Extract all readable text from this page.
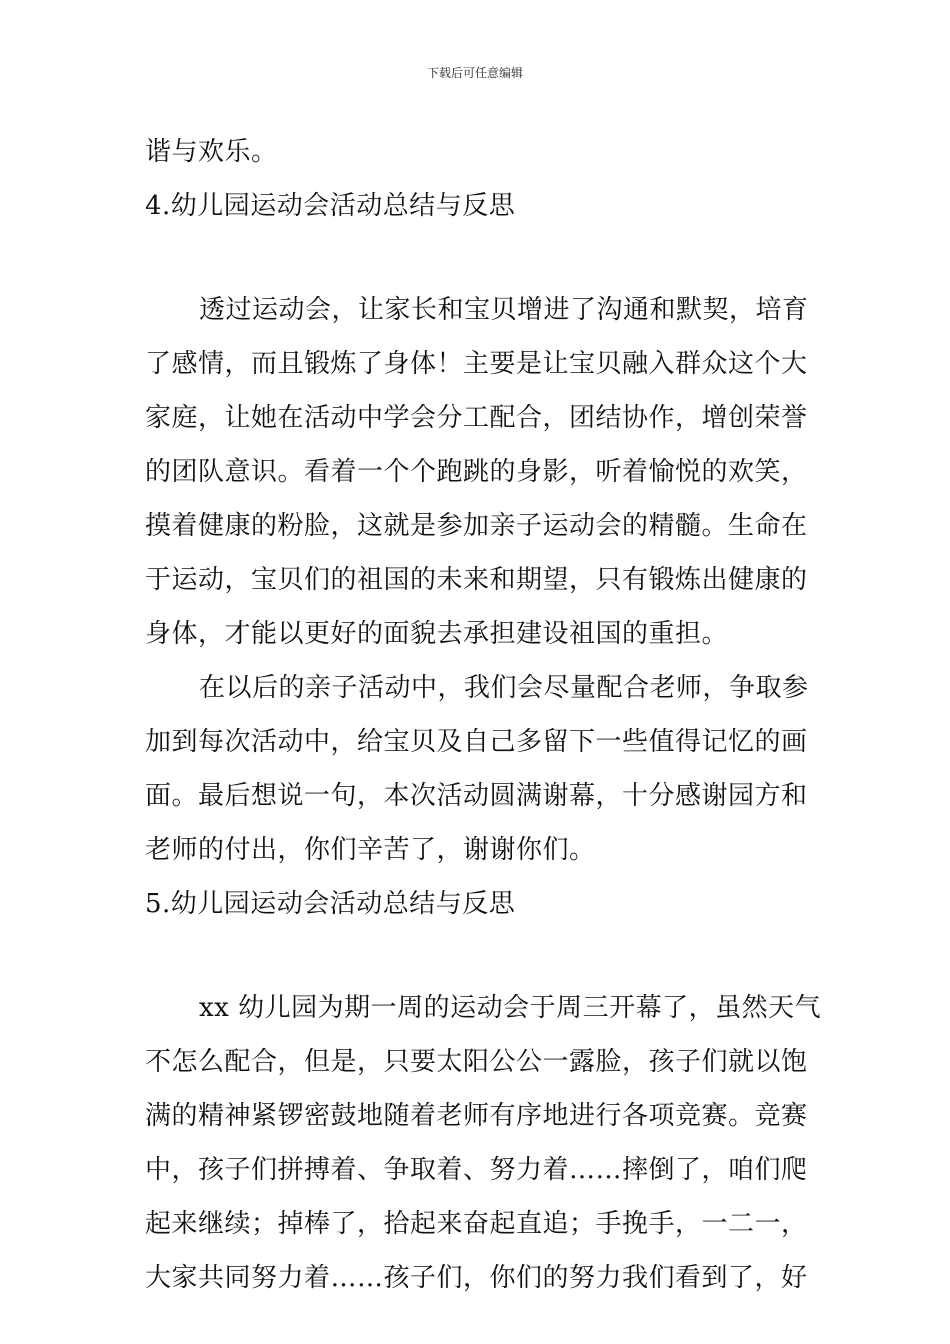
下载后可任意编辑
谐与欢乐。
4.幼儿园运动会活动总结与反思
透过运动会，让家长和宝贝增进了沟通和默契，培育
了感情，而且锻炼了身体！主要是让宝贝融入群众这个大
家庭，让她在活动中学会分工配合，团结协作，增创荣誉
的团队意识。看着一个个跑跳的身影，听着愉悦的欢笑，
摸着健康的粉脸，这就是参加亲子运动会的精髓。生命在
于运动，宝贝们的祖国的未来和期望，只有锻炼出健康的
身体，才能以更好的面貌去承担建设祖国的重担。
在以后的亲子活动中，我们会尽量配合老师，争取参
加到每次活动中，给宝贝及自己多留下一些值得记忆的画
面。最后想说一句，本次活动圆满谢幕，十分感谢园方和
老师的付出，你们辛苦了，谢谢你们。
5.幼儿园运动会活动总结与反思
xx 幼儿园为期一周的运动会于周三开幕了，虽然天气
不怎么配合，但是，只要太阳公公一露脸，孩子们就以饱
满的精神紧锣密鼓地随着老师有序地进行各项竞赛。竞赛
中，孩子们拼搏着、争取着、努力着……摔倒了，咱们爬
起来继续；掉棒了，拾起来奋起直追；手挽手，一二一，
大家共同努力着……孩子们，你们的努力我们看到了，好
